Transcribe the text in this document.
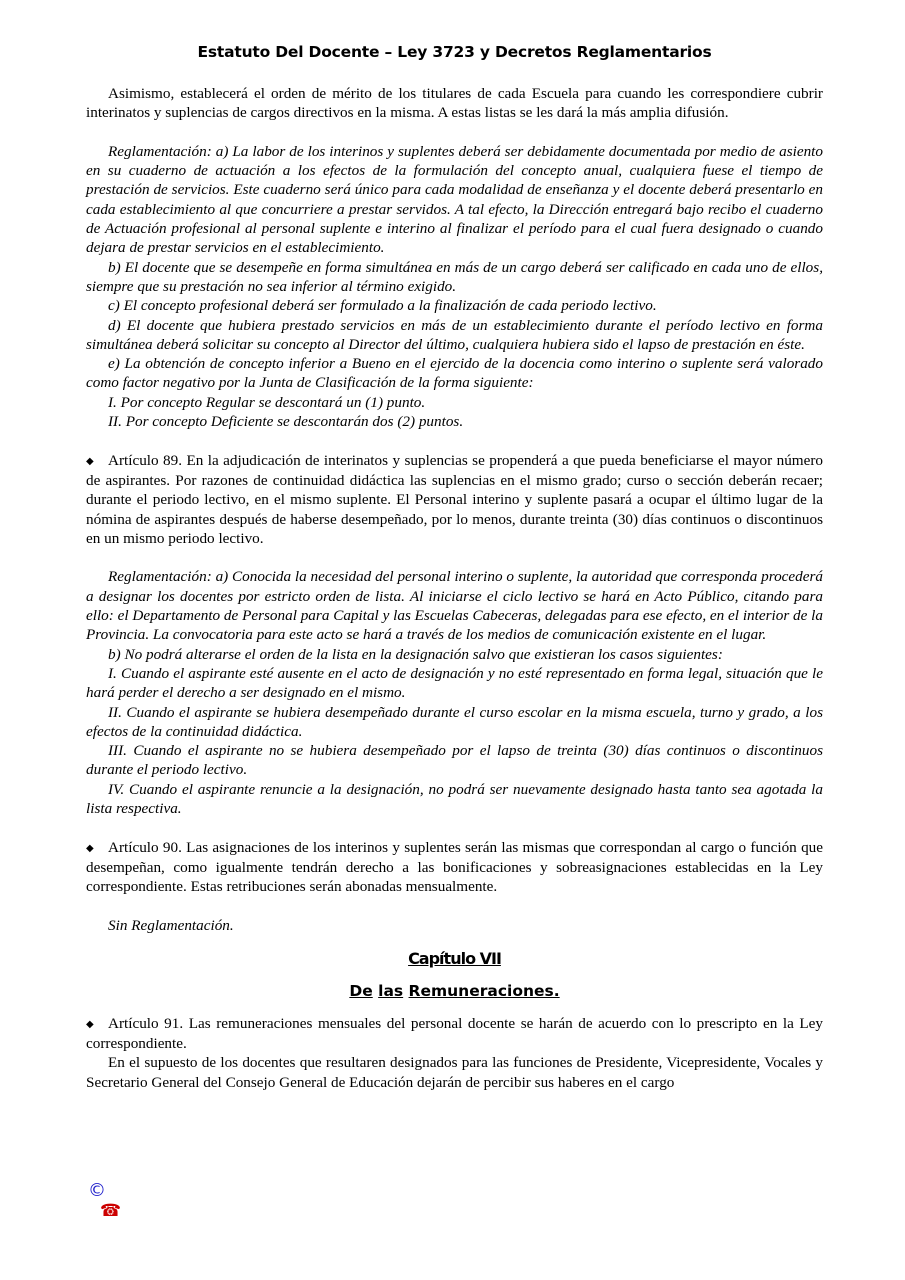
Estatuto Del Docente – Ley 3723 y Decretos Reglamentarios

Asimismo, establecerá el orden de mérito de los titulares de cada Escuela para cuando les correspondiere cubrir interinatos y suplencias de cargos directivos en la misma. A estas listas se les dará la más amplia difusión.

Reglamentación: a) La labor de los interinos y suplentes deberá ser debidamente documentada por medio de asiento en su cuaderno de actuación a los efectos de la formulación del concepto anual, cualquiera fuese el tiempo de prestación de servicios. Este cuaderno será único para cada modalidad de enseñanza y el docente deberá presentarlo en cada establecimiento al que concurriere a prestar servidos. A tal efecto, la Dirección entregará bajo recibo el cuaderno de Actuación profesional al personal suplente e interino al finalizar el período para el cual fuera designado o cuando dejara de prestar servicios en el establecimiento.

b) El docente que se desempeñe en forma simultánea en más de un cargo deberá ser calificado en cada uno de ellos, siempre que su prestación no sea inferior al término exigido.

c) El concepto profesional deberá ser formulado a la finalización de cada periodo lectivo.

d) El docente que hubiera prestado servicios en más de un establecimiento durante el período lectivo en forma simultánea deberá solicitar su concepto al Director del último, cualquiera hubiera sido el lapso de prestación en éste.

e) La obtención de concepto inferior a Bueno en el ejercido de la docencia como interino o suplente será valorado como factor negativo por la Junta de Clasificación de la forma siguiente:

I. Por concepto Regular se descontará un (1) punto.

II. Por concepto Deficiente se descontarán dos (2) puntos.

◆ Artículo 89. En la adjudicación de interinatos y suplencias se propenderá a que pueda beneficiarse el mayor número de aspirantes. Por razones de continuidad didáctica las suplencias en el mismo grado; curso o sección deberán recaer; durante el periodo lectivo, en el mismo suplente. El Personal interino y suplente pasará a ocupar el último lugar de la nómina de aspirantes después de haberse desempeñado, por lo menos, durante treinta (30) días continuos o discontinuos en un mismo periodo lectivo.

Reglamentación: a) Conocida la necesidad del personal interino o suplente, la autoridad que corresponda procederá a designar los docentes por estricto orden de lista. Al iniciarse el ciclo lectivo se hará en Acto Público, citando para ello: el Departamento de Personal para Capital y las Escuelas Cabeceras, delegadas para ese efecto, en el interior de la Provincia. La convocatoria para este acto se hará a través de los medios de comunicación existente en el lugar.

b) No podrá alterarse el orden de la lista en la designación salvo que existieran los casos siguientes:

I. Cuando el aspirante esté ausente en el acto de designación y no esté representado en forma legal, situación que le hará perder el derecho a ser designado en el mismo.

II. Cuando el aspirante se hubiera desempeñado durante el curso escolar en la misma escuela, turno y grado, a los efectos de la continuidad didáctica.

III. Cuando el aspirante no se hubiera desempeñado por el lapso de treinta (30) días continuos o discontinuos durante el periodo lectivo.

IV. Cuando el aspirante renuncie a la designación, no podrá ser nuevamente designado hasta tanto sea agotada la lista respectiva.

◆ Artículo 90. Las asignaciones de los interinos y suplentes serán las mismas que correspondan al cargo o función que desempeñan, como igualmente tendrán derecho a las bonificaciones y sobreasignaciones establecidas en la Ley correspondiente. Estas retribuciones serán abonadas mensualmente.

Sin Reglamentación.

Capítulo VII
De las Remuneraciones.

◆ Artículo 91. Las remuneraciones mensuales del personal docente se harán de acuerdo con lo prescripto en la Ley correspondiente.

En el supuesto de los docentes que resultaren designados para las funciones de Presidente, Vicepresidente, Vocales y Secretario General del Consejo General de Educación dejarán de percibir sus haberes en el cargo

©
☎
